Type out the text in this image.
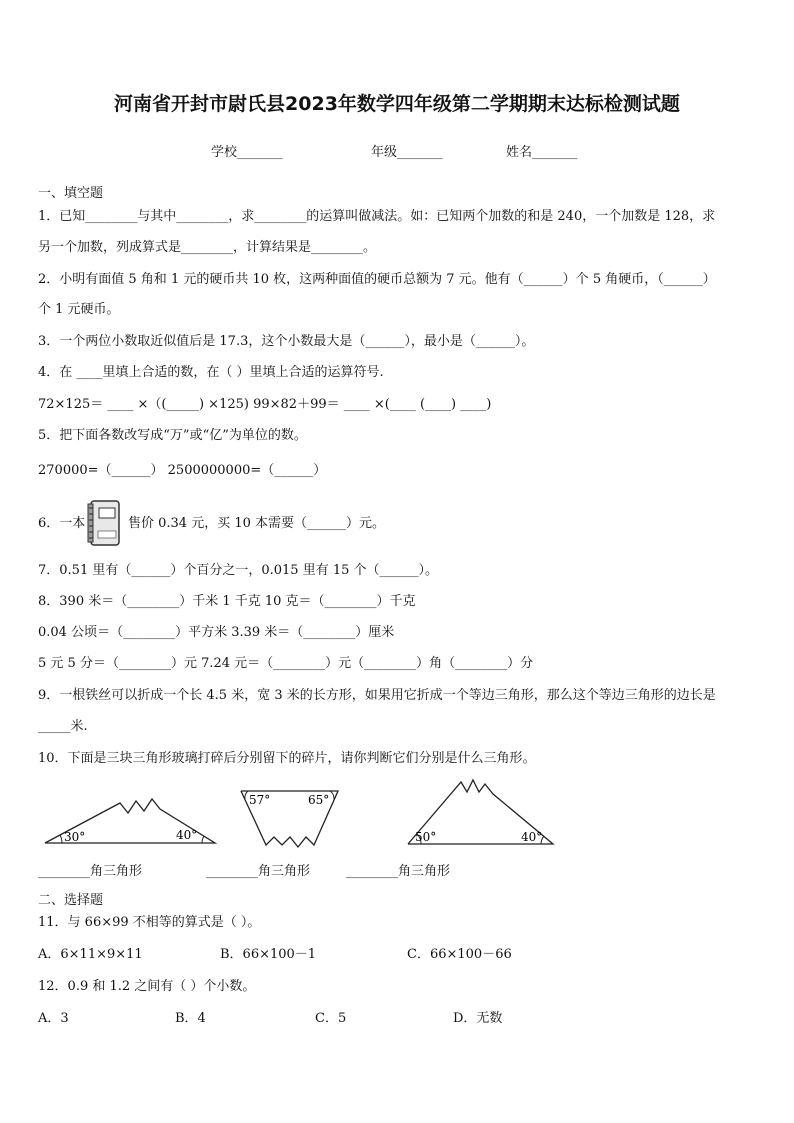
河南省开封市尉氏县2023年数学四年级第二学期期末达标检测试题
学校_______	年级_______	姓名_______
一、填空题
1．已知________与其中________，求________的运算叫做减法。如：已知两个加数的和是 240，一个加数是 128，求
另一个加数，列成算式是________，计算结果是________。
2．小明有面值 5 角和 1 元的硬币共 10 枚，这两种面值的硬币总额为 7 元。他有（______）个 5 角硬币，（______）
个 1 元硬币。
3．一个两位小数取近似值后是 17.3，这个小数最大是（______），最小是（______）。
4．在 ____里填上合适的数，在（ ）里填上合适的运算符号.
72×125＝ ____ ×（(_____) ×125) 99×82＋99＝ ____ ×(____ (____) ____)
5．把下面各数改写成“万”或“亿”为单位的数。
270000=（______） 2500000000=（______）
6．一本	售价 0.34 元，买 10 本需要（______）元。
7．0.51 里有（______）个百分之一，0.015 里有 15 个（______）。
8．390 米＝（________）千米 1 千克 10 克＝（________）千克
0.04 公顷＝（________）平方米 3.39 米＝（________）厘米
5 元 5 分＝（________）元 7.24 元＝（________）元（________）角（________）分
9．一根铁丝可以折成一个长 4.5 米，宽 3 米的长方形，如果用它折成一个等边三角形，那么这个等边三角形的边长是
_____米.
10．下面是三块三角形玻璃打碎后分别留下的碎片，请你判断它们分别是什么三角形。
30°	40°
57°	65°
50°	40°
________角三角形	________角三角形	________角三角形
二、选择题
11．与 66×99 不相等的算式是（ ）。
A．6×11×9×11	B．66×100－1	C．66×100－66
12．0.9 和 1.2 之间有（ ）个小数。
A．3	B．4	C．5	D．无数
